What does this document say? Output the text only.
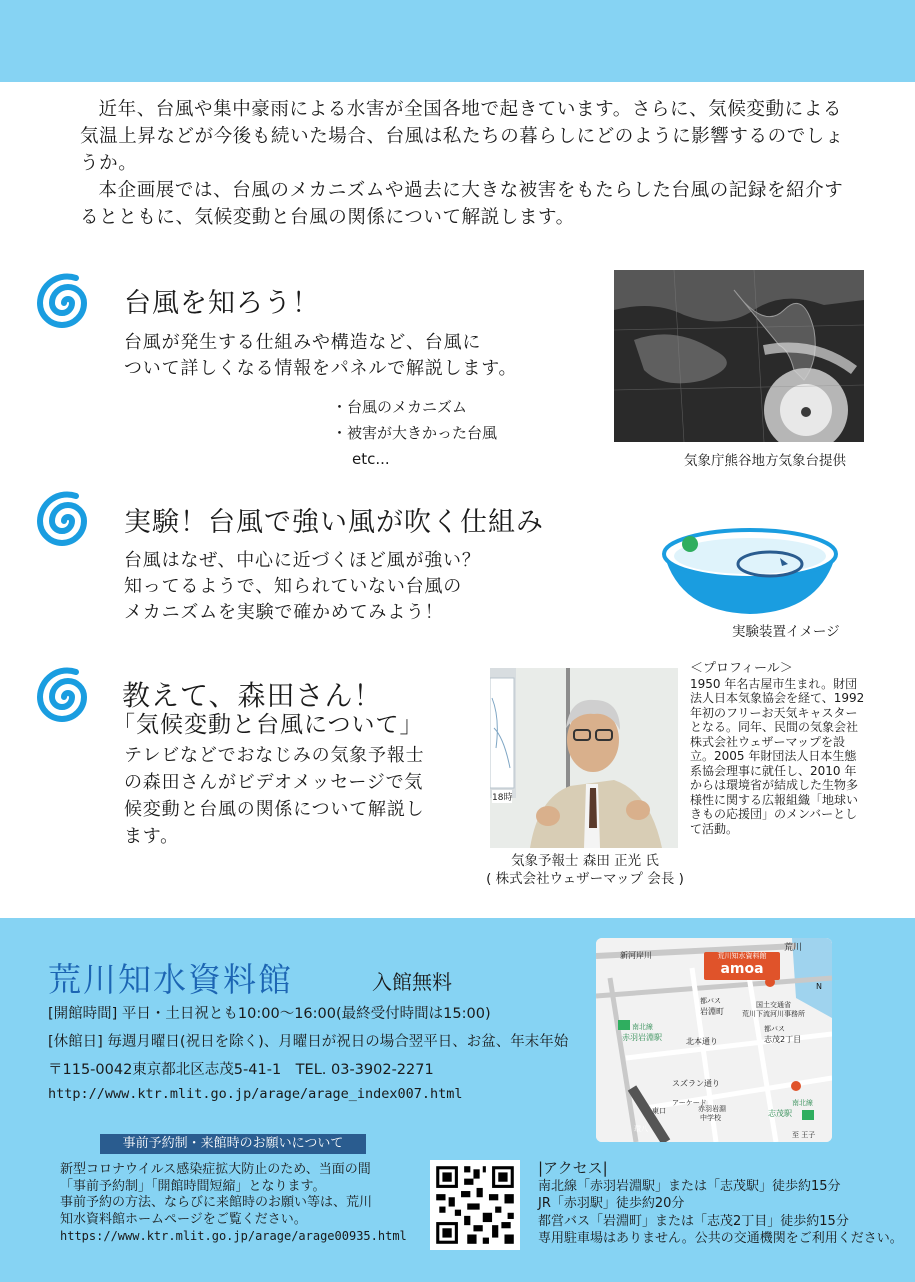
近年、台風や集中豪雨による水害が全国各地で起きています。さらに、気候変動による気温上昇などが今後も続いた場合、台風は私たちの暮らしにどのように影響するのでしょうか。

本企画展では、台風のメカニズムや過去に大きな被害をもたらした台風の記録を紹介するとともに、気候変動と台風の関係について解説します。

台風を知ろう！

台風が発生する仕組みや構造など、台風に

ついて詳しくなる情報をパネルで解説します。

・台風のメカニズム
・被害が大きかった台風
etc...	気象庁熊谷地方気象台提供
実験！台風で強い風が吹く仕組み

台風はなぜ、中心に近づくほど風が強い？

知ってるようで、知られていない台風の

メカニズムを実験で確かめてみよう！

実験装置イメージ
教えて、森田さん！
「気候変動と台風について」

テレビなどでおなじみの気象予報士

の森田さんがビデオメッセージで気

候変動と台風の関係について解説し

ます。

18時
＜プロフィール＞
1950 年名古屋市生まれ。財団
法人日本気象協会を経て、1992
年初のフリーお天気キャスター
となる。同年、民間の気象会社
株式会社ウェザーマップを設
立。2005 年財団法人日本生態
系協会理事に就任し、2010 年
からは環境省が結成した生物多
様性に関する広報組織「地球い
きもの応援団」のメンバーとし
て活動。
気象予報士 森田 正光 氏
( 株式会社ウェザーマップ 会長 )
荒川知水資料館	入館無料
[開館時間] 平日・土日祝とも10:00〜16:00(最終受付時間は15:00)
[休館日] 毎週月曜日(祝日を除く)、月曜日が祝日の場合翌平日、お盆、年末年始
〒115-0042東京都北区志茂5-41-1　TEL. 03-3902-2271
http://www.ktr.mlit.go.jp/arage/arage_index007.html
荒川知水資料館
amoa
新河岸川
荒川
国土交通省
荒川下流河川事務所
都バス
岩淵町
南北線
赤羽岩淵駅	北本通り
都バス
志茂2丁目
スズラン通り
アーケード
赤羽岩淵
中学校
南北線
志茂駅
東口
環八
至 王子
N
事前予約制・来館時のお願いについて

新型コロナウイルス感染症拡大防止のため、当面の間

「事前予約制」「開館時間短縮」となります。

事前予約の方法、ならびに来館時のお願い等は、荒川

知水資料館ホームページをご覧ください。

https://www.ktr.mlit.go.jp/arage/arage00935.html

|アクセス|
南北線「赤羽岩淵駅」または「志茂駅」徒歩約15分
JR「赤羽駅」徒歩約20分
都営バス「岩淵町」または「志茂2丁目」徒歩約15分
専用駐車場はありません。公共の交通機関をご利用ください。
